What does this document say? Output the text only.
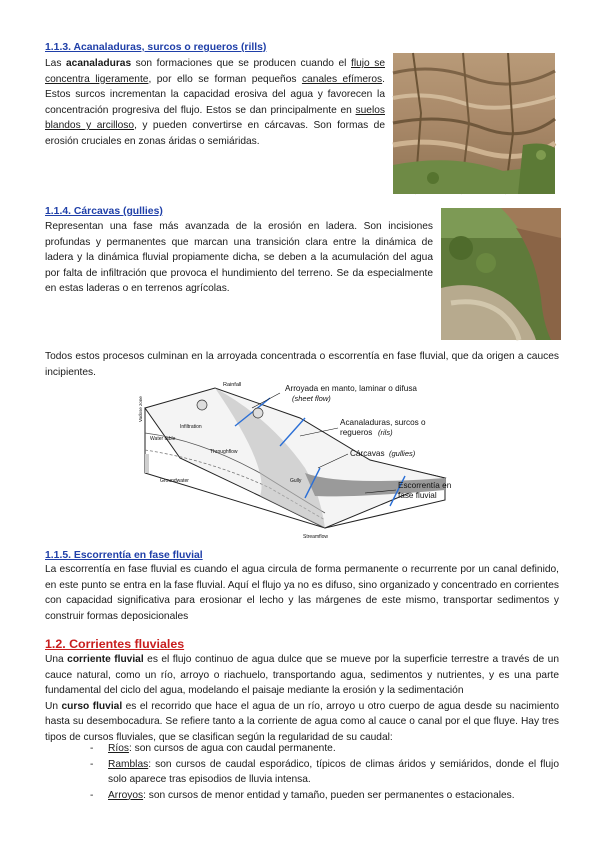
1.1.3. Acanaladuras, surcos o regueros (rills)

Las acanaladuras son formaciones que se producen cuando el flujo se concentra ligeramente, por ello se forman pequeños canales efímeros. Estos surcos incrementan la capacidad erosiva del agua y favorecen la concentración progresiva del flujo. Estos se dan principalmente en suelos blandos y arcilloso, y pueden convertirse en cárcavas. Son formas de erosión cruciales en zonas áridas o semiáridas.

1.1.4. Cárcavas (gullies)

Representan una fase más avanzada de la erosión en ladera. Son incisiones profundas y permanentes que marcan una transición clara entre la dinámica de ladera y la dinámica fluvial propiamente dicha, se deben a la acumulación del agua por falta de infiltración que provoca el hundimiento del terreno. Se da especialmente en estas laderas o en terrenos agrícolas.

Todos estos procesos culminan en la arroyada concentrada o escorrentía en fase fluvial, que da origen a cauces incipientes.

Rainfall
Infiltration
Water table
Throughflow
Groundwater
Vadose zone
Gully
Streamflow
Arroyada en manto, laminar o difusa
(sheet flow)
Acanaladuras, surcos o
regueros (rils)
Cárcavas (gullies)
Escorrentía en
fase fluvial

1.1.5. Escorrentía en fase fluvial

La escorrentía en fase fluvial es cuando el agua circula de forma permanente o recurrente por un canal definido, en este punto se entra en la fase fluvial. Aquí el flujo ya no es difuso, sino organizado y concentrado en corrientes con capacidad significativa para erosionar el lecho y las márgenes de este mismo, transportar sedimentos y construir formas deposicionales

1.2. Corrientes fluviales

Una corriente fluvial es el flujo continuo de agua dulce que se mueve por la superficie terrestre a través de un cauce natural, como un río, arroyo o riachuelo, transportando agua, sedimentos y nutrientes, y es una parte fundamental del ciclo del agua, modelando el paisaje mediante la erosión y la sedimentación

Un curso fluvial es el recorrido que hace el agua de un río, arroyo u otro cuerpo de agua desde su nacimiento hasta su desembocadura. Se refiere tanto a la corriente de agua como al cauce o canal por el que fluye. Hay tres tipos de cursos fluviales, que se clasifican según la regularidad de su caudal:

- Ríos: son cursos de agua con caudal permanente.
- Ramblas: son cursos de caudal esporádico, típicos de climas áridos y semiáridos, donde el flujo solo aparece tras episodios de lluvia intensa.
- Arroyos: son cursos de menor entidad y tamaño, pueden ser permanentes o estacionales.
